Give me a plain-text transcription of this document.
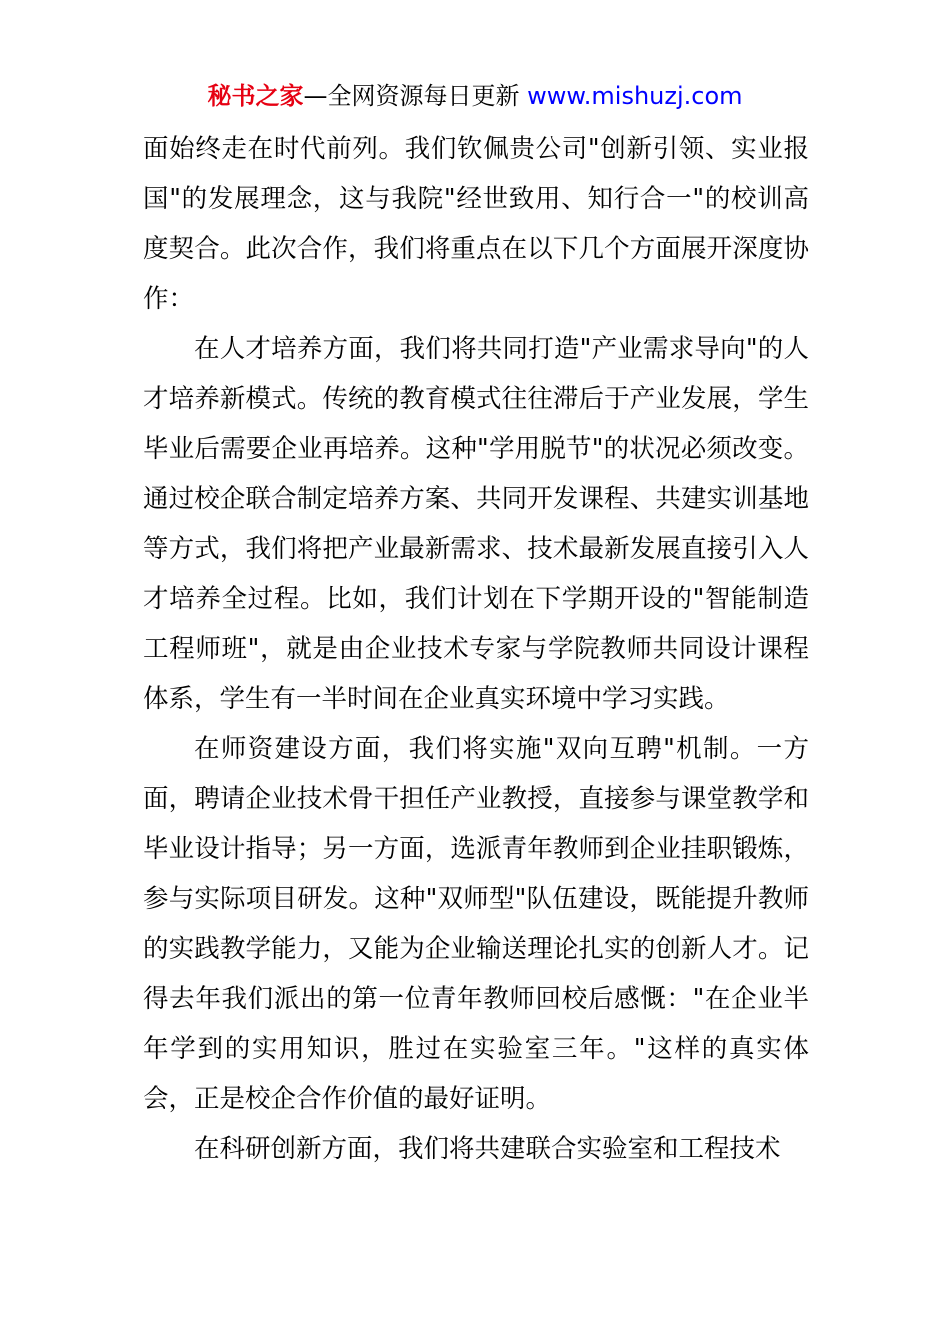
秘书之家—全网资源每日更新 www.mishuzj.com

面始终走在时代前列。我们钦佩贵公司"创新引领、实业报国"的发展理念，这与我院"经世致用、知行合一"的校训高度契合。此次合作，我们将重点在以下几个方面展开深度协作：

在人才培养方面，我们将共同打造"产业需求导向"的人才培养新模式。传统的教育模式往往滞后于产业发展，学生毕业后需要企业再培养。这种"学用脱节"的状况必须改变。通过校企联合制定培养方案、共同开发课程、共建实训基地等方式，我们将把产业最新需求、技术最新发展直接引入人才培养全过程。比如，我们计划在下学期开设的"智能制造工程师班"，就是由企业技术专家与学院教师共同设计课程体系，学生有一半时间在企业真实环境中学习实践。

在师资建设方面，我们将实施"双向互聘"机制。一方面，聘请企业技术骨干担任产业教授，直接参与课堂教学和毕业设计指导；另一方面，选派青年教师到企业挂职锻炼，参与实际项目研发。这种"双师型"队伍建设，既能提升教师的实践教学能力，又能为企业输送理论扎实的创新人才。记得去年我们派出的第一位青年教师回校后感慨："在企业半年学到的实用知识，胜过在实验室三年。"这样的真实体会，正是校企合作价值的最好证明。

在科研创新方面，我们将共建联合实验室和工程技术
